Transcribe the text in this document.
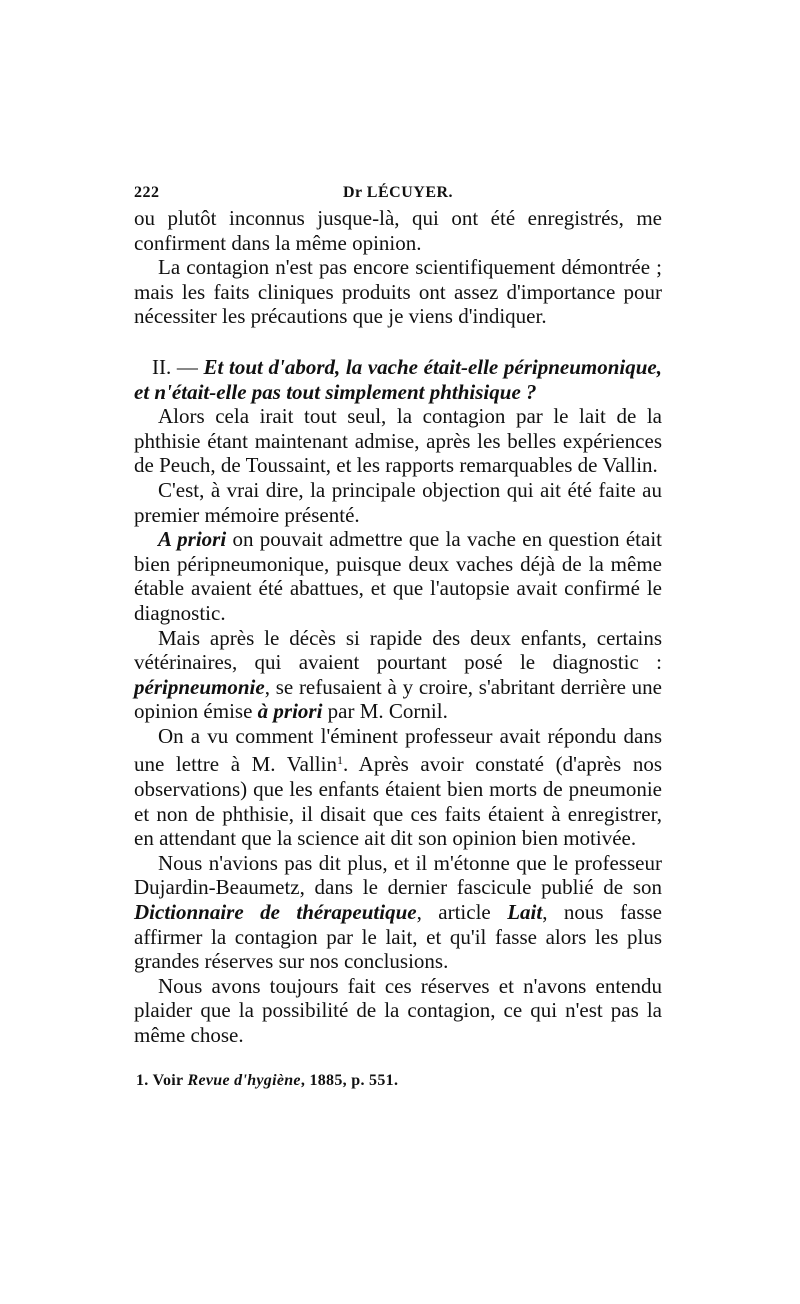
222	Dr LÉCUYER.

ou plutôt inconnus jusque-là, qui ont été enregistrés, me confirment dans la même opinion.

La contagion n'est pas encore scientifiquement démontrée ; mais les faits cliniques produits ont assez d'importance pour nécessiter les précautions que je viens d'indiquer.

II. — Et tout d'abord, la vache était-elle péripneumonique, et n'était-elle pas tout simplement phthisique ?

Alors cela irait tout seul, la contagion par le lait de la phthisie étant maintenant admise, après les belles expériences de Peuch, de Toussaint, et les rapports remarquables de Vallin.

C'est, à vrai dire, la principale objection qui ait été faite au premier mémoire présenté.

A priori on pouvait admettre que la vache en question était bien péripneumonique, puisque deux vaches déjà de la même étable avaient été abattues, et que l'autopsie avait confirmé le diagnostic.

Mais après le décès si rapide des deux enfants, certains vétérinaires, qui avaient pourtant posé le diagnostic : péripneumonie, se refusaient à y croire, s'abritant derrière une opinion émise à priori par M. Cornil.

On a vu comment l'éminent professeur avait répondu dans une lettre à M. Vallin$^1$. Après avoir constaté (d'après nos observations) que les enfants étaient bien morts de pneumonie et non de phthisie, il disait que ces faits étaient à enregistrer, en attendant que la science ait dit son opinion bien motivée.

Nous n'avions pas dit plus, et il m'étonne que le professeur Dujardin-Beaumetz, dans le dernier fascicule publié de son Dictionnaire de thérapeutique, article Lait, nous fasse affirmer la contagion par le lait, et qu'il fasse alors les plus grandes réserves sur nos conclusions.

Nous avons toujours fait ces réserves et n'avons entendu plaider que la possibilité de la contagion, ce qui n'est pas la même chose.

1. Voir Revue d'hygiène, 1885, p. 551.
